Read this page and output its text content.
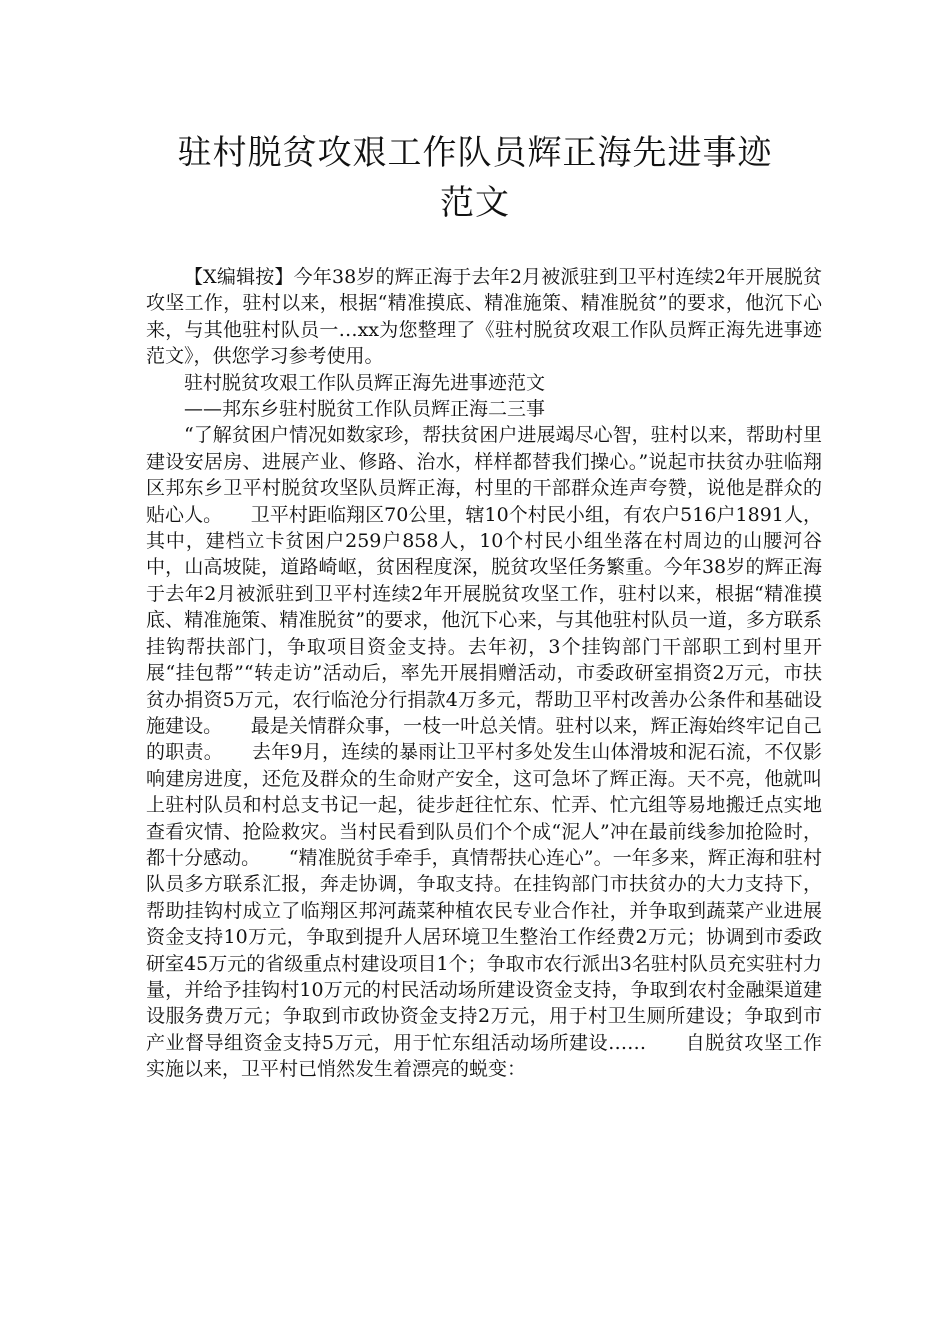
驻村脱贫攻艰工作队员辉正海先进事迹
范文

【X编辑按】今年38岁的辉正海于去年2月被派驻到卫平村连续2年开展脱贫攻坚工作，驻村以来，根据“精准摸底、精准施策、精准脱贫”的要求，他沉下心来，与其他驻村队员一…xx为您整理了《驻村脱贫攻艰工作队员辉正海先进事迹范文》，供您学习参考使用。

驻村脱贫攻艰工作队员辉正海先进事迹范文

——邦东乡驻村脱贫工作队员辉正海二三事

“了解贫困户情况如数家珍，帮扶贫困户进展竭尽心智，驻村以来，帮助村里建设安居房、进展产业、修路、治水，样样都替我们操心。”说起市扶贫办驻临翔区邦东乡卫平村脱贫攻坚队员辉正海，村里的干部群众连声夸赞，说他是群众的贴心人。　　卫平村距临翔区70公里，辖10个村民小组，有农户516户1891人，其中，建档立卡贫困户259户858人，10个村民小组坐落在村周边的山腰河谷中，山高坡陡，道路崎岖，贫困程度深，脱贫攻坚任务繁重。今年38岁的辉正海于去年2月被派驻到卫平村连续2年开展脱贫攻坚工作，驻村以来，根据“精准摸底、精准施策、精准脱贫”的要求，他沉下心来，与其他驻村队员一道，多方联系挂钩帮扶部门，争取项目资金支持。去年初，3个挂钩部门干部职工到村里开展“挂包帮”“转走访”活动后，率先开展捐赠活动，市委政研室捐资2万元，市扶贫办捐资5万元，农行临沧分行捐款4万多元，帮助卫平村改善办公条件和基础设施建设。　　最是关情群众事，一枝一叶总关情。驻村以来，辉正海始终牢记自己的职责。　　去年9月，连续的暴雨让卫平村多处发生山体滑坡和泥石流，不仅影响建房进度，还危及群众的生命财产安全，这可急坏了辉正海。天不亮，他就叫上驻村队员和村总支书记一起，徒步赶往忙东、忙弄、忙亢组等易地搬迁点实地查看灾情、抢险救灾。当村民看到队员们个个成“泥人”冲在最前线参加抢险时，都十分感动。　　“精准脱贫手牵手，真情帮扶心连心”。一年多来，辉正海和驻村队员多方联系汇报，奔走协调，争取支持。在挂钩部门市扶贫办的大力支持下，帮助挂钩村成立了临翔区邦河蔬菜种植农民专业合作社，并争取到蔬菜产业进展资金支持10万元，争取到提升人居环境卫生整治工作经费2万元；协调到市委政研室45万元的省级重点村建设项目1个；争取市农行派出3名驻村队员充实驻村力量，并给予挂钩村10万元的村民活动场所建设资金支持，争取到农村金融渠道建设服务费万元；争取到市政协资金支持2万元，用于村卫生厕所建设；争取到市产业督导组资金支持5万元，用于忙东组活动场所建设……　　自脱贫攻坚工作实施以来，卫平村已悄然发生着漂亮的蜕变：
